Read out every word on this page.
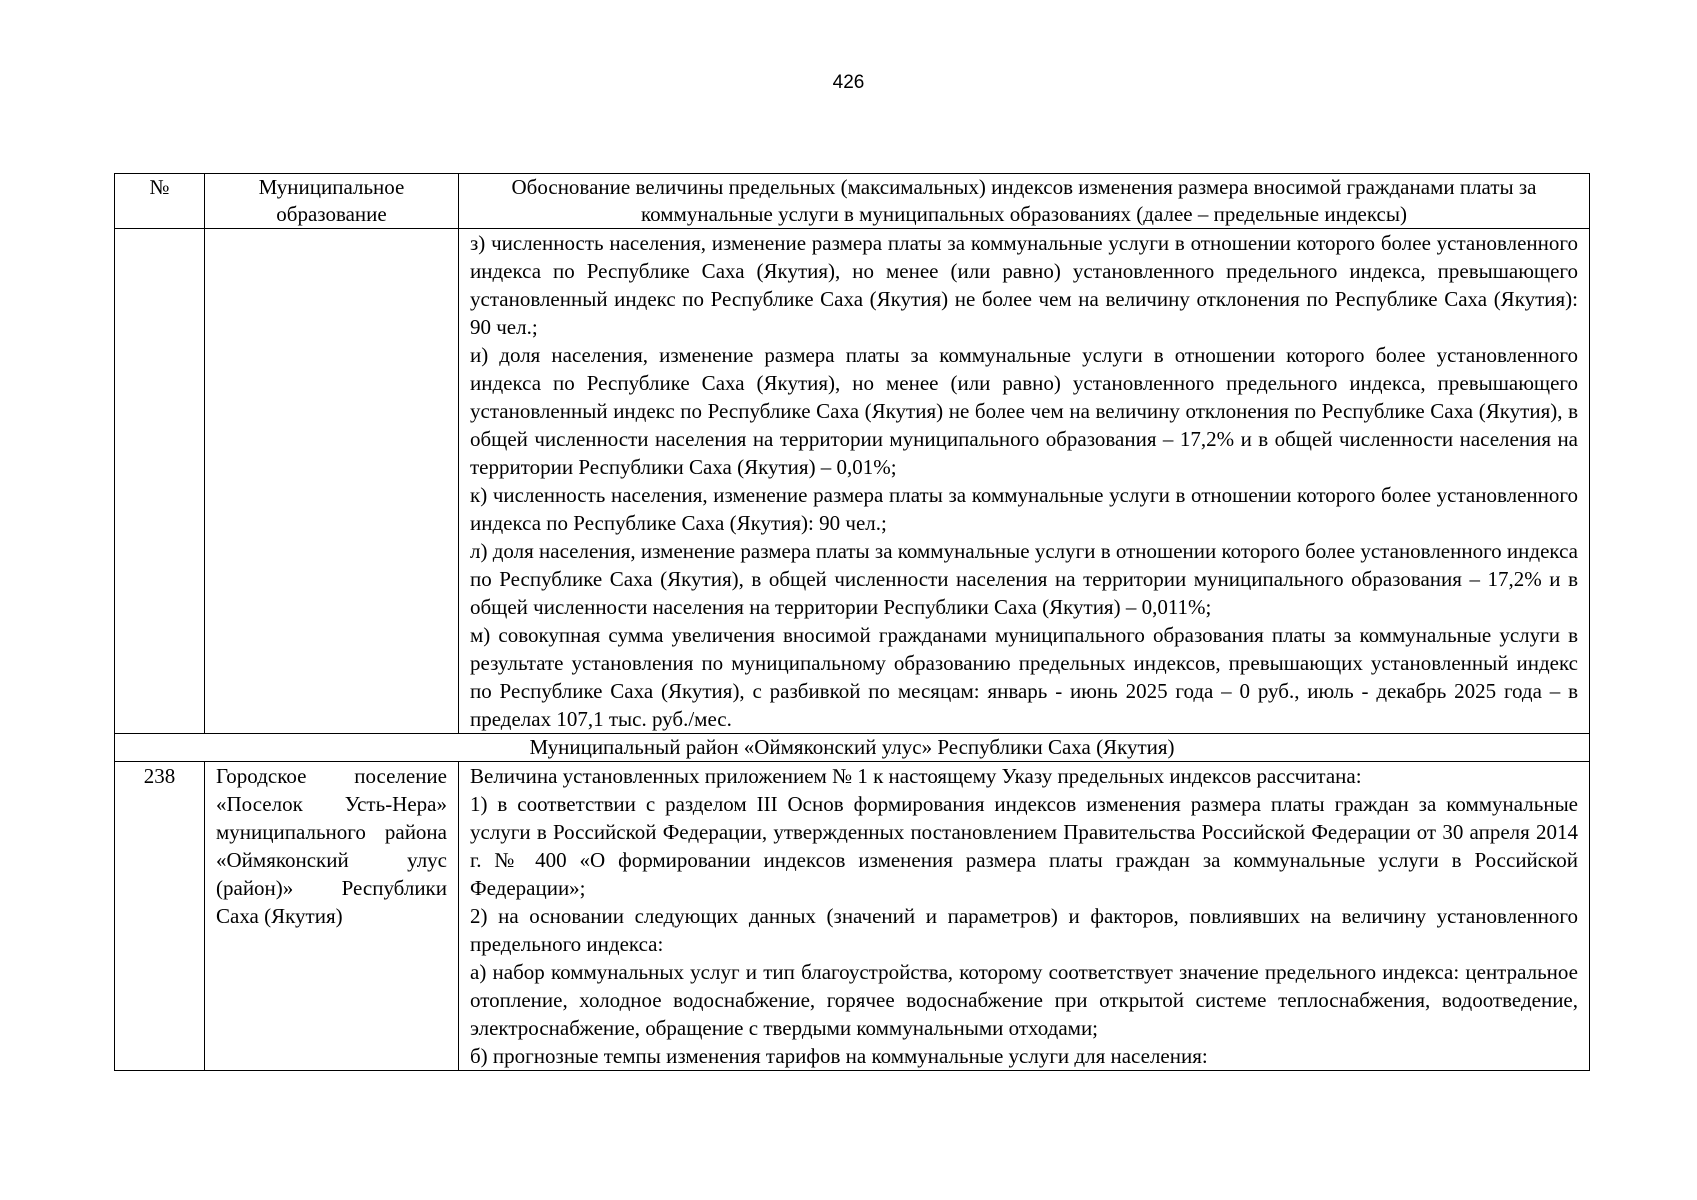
426
№	Муниципальное образование	Обоснование величины предельных (максимальных) индексов изменения размера вносимой гражданами платы за коммунальные услуги в муниципальных образованиях (далее – предельные индексы)

		з) численность населения, изменение размера платы за коммунальные услуги в отношении которого более установленного индекса по Республике Саха (Якутия), но менее (или равно) установленного предельного индекса, превышающего установленный индекс по Республике Саха (Якутия) не более чем на величину отклонения по Республике Саха (Якутия): 90 чел.;

и) доля населения, изменение размера платы за коммунальные услуги в отношении которого более установленного индекса по Республике Саха (Якутия), но менее (или равно) установленного предельного индекса, превышающего установленный индекс по Республике Саха (Якутия) не более чем на величину отклонения по Республике Саха (Якутия), в общей численности населения на территории муниципального образования – 17,2% и в общей численности населения на территории Республики Саха (Якутия) – 0,01%;

к) численность населения, изменение размера платы за коммунальные услуги в отношении которого более установленного индекса по Республике Саха (Якутия): 90 чел.;

л) доля населения, изменение размера платы за коммунальные услуги в отношении которого более установленного индекса по Республике Саха (Якутия), в общей численности населения на территории муниципального образования – 17,2% и в общей численности населения на территории Республики Саха (Якутия) – 0,011%;

м) совокупная сумма увеличения вносимой гражданами муниципального образования платы за коммунальные услуги в результате установления по муниципальному образованию предельных индексов, превышающих установленный индекс по Республике Саха (Якутия), с разбивкой по месяцам: январь - июнь 2025 года – 0 руб., июль - декабрь 2025 года – в пределах 107,1 тыс. руб./мес.

Муниципальный район «Оймяконский улус» Республики Саха (Якутия)		
238	Городское поселение «Поселок Усть-Нера» муниципального района «Оймяконский улус (район)» Республики Саха (Якутия)	Величина установленных приложением № 1 к настоящему Указу предельных индексов рассчитана:

1) в соответствии с разделом III Основ формирования индексов изменения размера платы граждан за коммунальные услуги в Российской Федерации, утвержденных постановлением Правительства Российской Федерации от 30 апреля 2014 г. № 400 «О формировании индексов изменения размера платы граждан за коммунальные услуги в Российской Федерации»;

2) на основании следующих данных (значений и параметров) и факторов, повлиявших на величину установленного предельного индекса:

а) набор коммунальных услуг и тип благоустройства, которому соответствует значение предельного индекса: центральное отопление, холодное водоснабжение, горячее водоснабжение при открытой системе теплоснабжения, водоотведение, электроснабжение, обращение с твердыми коммунальными отходами;

б) прогнозные темпы изменения тарифов на коммунальные услуги для населения:
